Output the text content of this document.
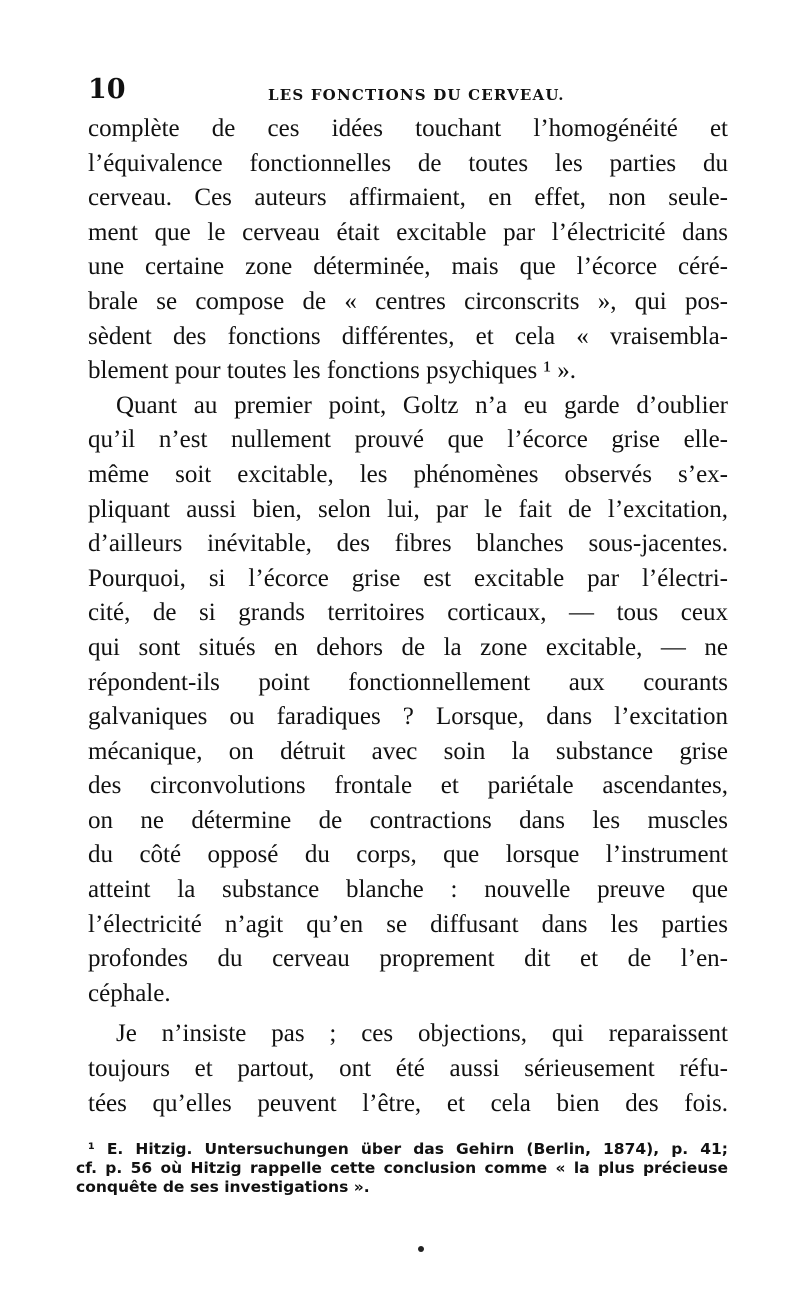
10	LES FONCTIONS DU CERVEAU.
complète de ces idées touchant l’homogénéité et
l’équivalence fonctionnelles de toutes les parties du
cerveau. Ces auteurs affirmaient, en effet, non seule-
ment que le cerveau était excitable par l’électricité dans
une certaine zone déterminée, mais que l’écorce céré-
brale se compose de « centres circonscrits », qui pos-
sèdent des fonctions différentes, et cela « vraisembla-
blement pour toutes les fonctions psychiques ¹ ».
Quant au premier point, Goltz n’a eu garde d’oublier
qu’il n’est nullement prouvé que l’écorce grise elle-
même soit excitable, les phénomènes observés s’ex-
pliquant aussi bien, selon lui, par le fait de l’excitation,
d’ailleurs inévitable, des fibres blanches sous-jacentes.
Pourquoi, si l’écorce grise est excitable par l’électri-
cité, de si grands territoires corticaux, — tous ceux
qui sont situés en dehors de la zone excitable, — ne
répondent-ils point fonctionnellement aux courants
galvaniques ou faradiques ? Lorsque, dans l’excitation
mécanique, on détruit avec soin la substance grise
des circonvolutions frontale et pariétale ascendantes,
on ne détermine de contractions dans les muscles
du côté opposé du corps, que lorsque l’instrument
atteint la substance blanche : nouvelle preuve que
l’électricité n’agit qu’en se diffusant dans les parties
profondes du cerveau proprement dit et de l’en-
céphale.
Je n’insiste pas ; ces objections, qui reparaissent
toujours et partout, ont été aussi sérieusement réfu-
tées qu’elles peuvent l’être, et cela bien des fois.
¹ E. Hitzig. Untersuchungen über das Gehirn (Berlin, 1874), p. 41;
cf. p. 56 où Hitzig rappelle cette conclusion comme « la plus précieuse
conquête de ses investigations ».
